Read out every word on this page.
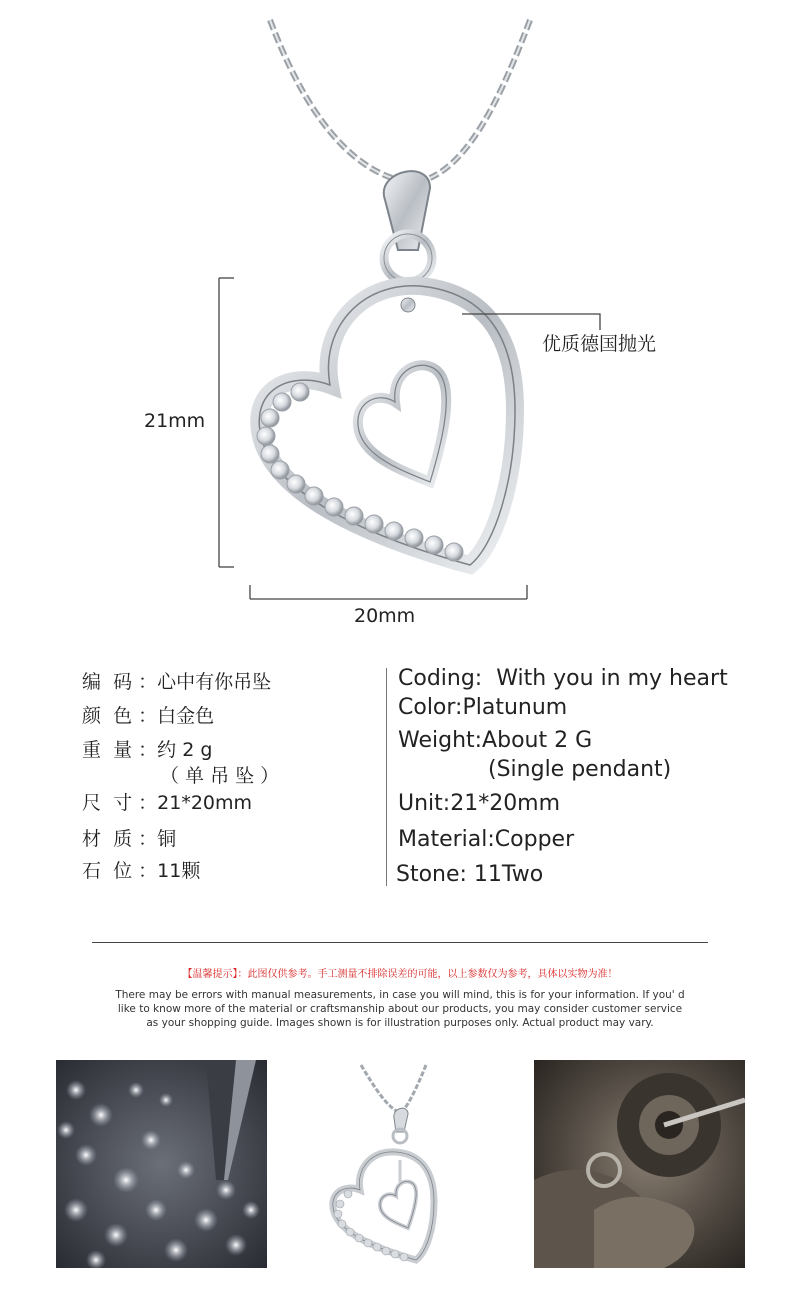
21mm
20mm
优质德国抛光
编  码 ：心中有你吊坠
颜  色 ：白金色
重  量 ：约 2 g
（ 单 吊 坠 ）
尺  寸 ：21*20mm
材  质 ：铜
石  位 ：11颗
Coding:  With you in my heart
Color:Platunum
Weight:About 2 G
(Single pendant)
Unit:21*20mm
Material:Copper
Stone: 11Two
【温馨提示】：此图仅供参考。手工测量不排除误差的可能，以上参数仅为参考，具体以实物为准！
There may be errors with manual measurements, in case you will mind, this is for your information. If you' d
like to know more of the material or craftsmanship about our products, you may consider customer service
as your shopping guide. Images shown is for illustration purposes only. Actual product may vary.
